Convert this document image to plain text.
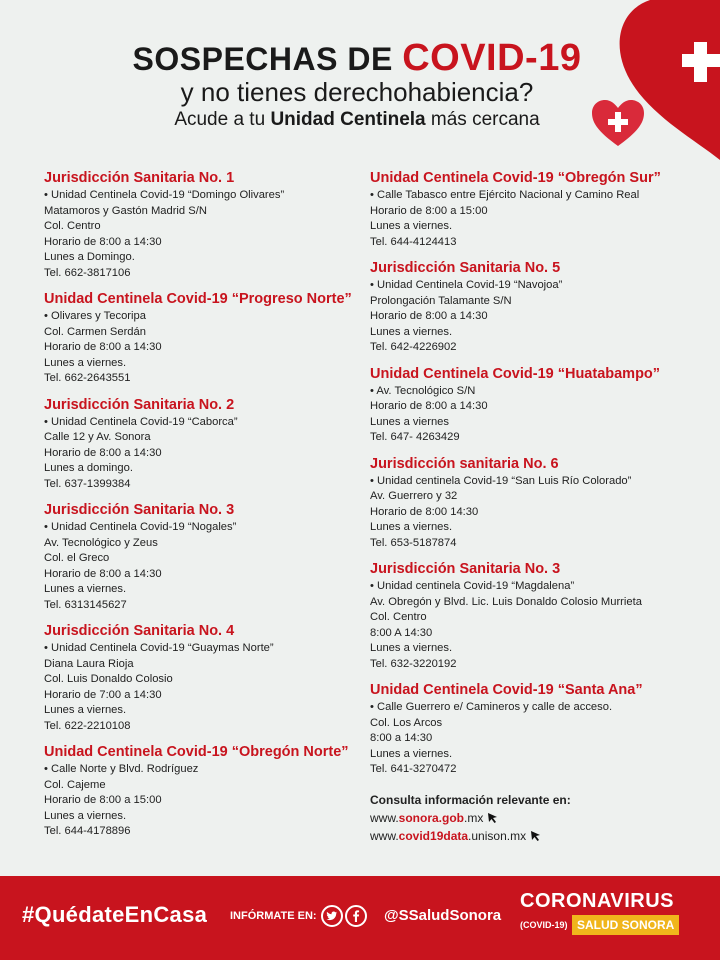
SOSPECHAS DE COVID-19
y no tienes derechohabiencia?
Acude a tu Unidad Centinela más cercana
Jurisdicción Sanitaria No. 1
• Unidad Centinela Covid-19 “Domingo Olivares”
Matamoros y Gastón Madrid S/N
Col. Centro
Horario de 8:00 a 14:30
Lunes a Domingo.
Tel. 662-3817106
Unidad Centinela Covid-19 “Progreso Norte”
• Olivares y Tecoripa
Col. Carmen Serdán
Horario de 8:00 a 14:30
Lunes a viernes.
Tel. 662-2643551
Jurisdicción Sanitaria No. 2
• Unidad Centinela Covid-19 “Caborca”
Calle 12 y Av. Sonora
Horario de 8:00 a 14:30
Lunes a domingo.
Tel. 637-1399384
Jurisdicción Sanitaria No. 3
• Unidad Centinela Covid-19 “Nogales”
Av. Tecnológico y Zeus
Col. el Greco
Horario de 8:00 a 14:30
Lunes a viernes.
Tel. 6313145627
Jurisdicción Sanitaria No. 4
• Unidad Centinela Covid-19 “Guaymas Norte”
Diana Laura Rioja
Col. Luis Donaldo Colosio
Horario de 7:00 a 14:30
Lunes a viernes.
Tel. 622-2210108
Unidad Centinela Covid-19 “Obregón Norte”
• Calle Norte y Blvd. Rodríguez
Col. Cajeme
Horario de 8:00 a 15:00
Lunes a viernes.
Tel. 644-4178896
Unidad Centinela Covid-19 “Obregón Sur”
• Calle Tabasco entre Ejército Nacional y Camino Real
Horario de 8:00 a 15:00
Lunes a viernes.
Tel. 644-4124413
Jurisdicción Sanitaria No. 5
• Unidad Centinela Covid-19 “Navojoa”
Prolongación Talamante S/N
Horario de 8:00 a 14:30
Lunes a viernes.
Tel. 642-4226902
Unidad Centinela Covid-19 “Huatabampo”
• Av. Tecnológico S/N
Horario de 8:00 a 14:30
Lunes a viernes
Tel. 647- 4263429
Jurisdicción sanitaria No. 6
• Unidad centinela Covid-19 “San Luis Río Colorado”
Av. Guerrero y 32
Horario de 8:00 14:30
Lunes a viernes.
Tel. 653-5187874
Jurisdicción Sanitaria No. 3
• Unidad centinela Covid-19 “Magdalena”
Av. Obregón y Blvd. Lic. Luis Donaldo Colosio Murrieta
Col. Centro
8:00 A 14:30
Lunes a viernes.
Tel. 632-3220192
Unidad Centinela Covid-19 “Santa Ana”
• Calle Guerrero e/ Camineros y calle de acceso.
Col. Los Arcos
8:00 a 14:30
Lunes a viernes.
Tel. 641-3270472
Consulta información relevante en:
www.sonora.gob.mx
www.covid19data.unison.mx
#QuédateEnCasa INFÓRMATE EN:	@SSaludSonora
CORONAVIRUS
(COVID-19) SALUD SONORA
